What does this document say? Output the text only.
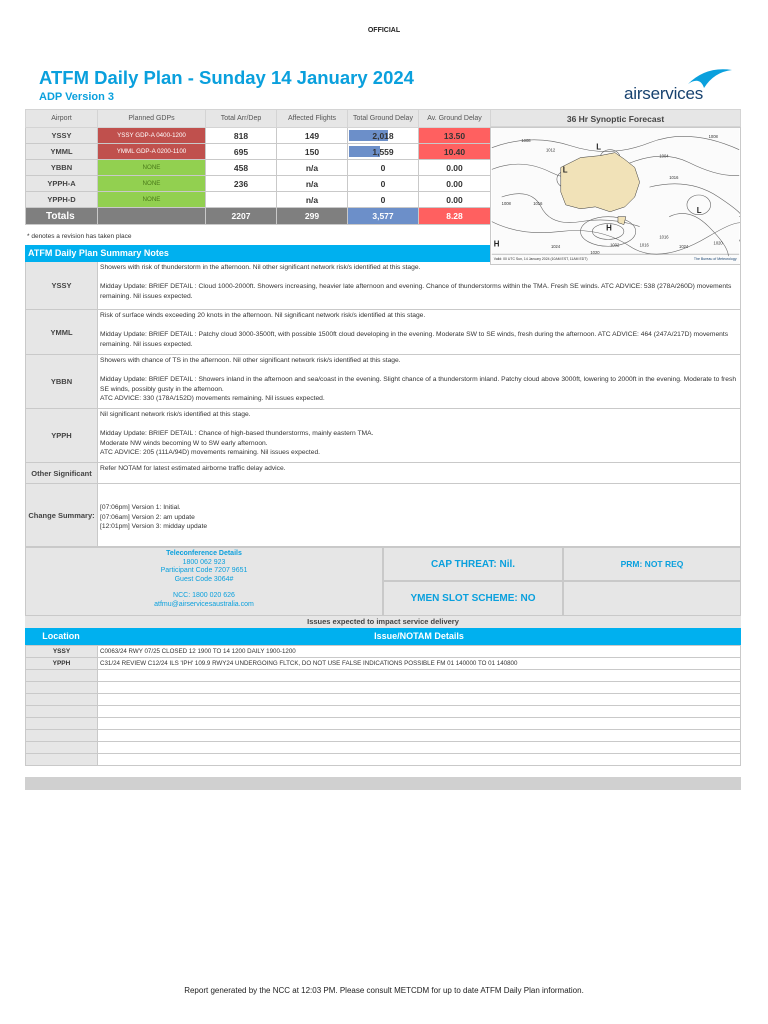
OFFICIAL
ATFM Daily Plan - Sunday 14 January 2024
ADP Version 3	airservices
Airport	Planned GDPs	Total Arr/Dep	Affected Flights	Total Ground Delay	Av. Ground Delay
YSSY	YSSY GDP-A 0400-1200	818	149	2,018	13.50
YMML	YMML GDP-A 0200-1100	695	150	1,559	10.40
YBBN	NONE	458	n/a	0	0.00
YPPH-A	NONE	236	n/a	0	0.00
YPPH-D	NONE		n/a	0	0.00
Totals		2207	299	3,577	8.28
36 Hr Synoptic Forecast
L
L
H
L
H
1008
1012
1004
1008
1008	1016
1016
1032
1024
1020
1016
1016
1024
1020
Valid: 00 UTC Sun, 14 January 2024 (10AM EST, 11AM EDT)	The Bureau of Meteorology
* denotes a revision has taken place
ATFM Daily Plan Summary Notes
YSSY

Showers with risk of thunderstorm in the afternoon. Nil other significant network risk/s identified at this stage.

Midday Update: BRIEF DETAIL : Cloud 1000-2000ft. Showers increasing, heavier late afternoon and evening. Chance of thunderstorms within the TMA. Fresh SE winds. ATC ADVICE: 538 (278A/260D) movements remaining. Nil issues expected.

YMML

Risk of surface winds exceeding 20 knots in the afternoon. Nil significant network risk/s identified at this stage.

Midday Update: BRIEF DETAIL : Patchy cloud 3000-3500ft, with possible 1500ft cloud developing in the evening. Moderate SW to SE winds, fresh during the afternoon. ATC ADVICE: 464 (247A/217D) movements remaining. Nil issues expected.

YBBN

Showers with chance of TS in the afternoon. Nil other significant network risk/s identified at this stage.

Midday Update: BRIEF DETAIL : Showers inland in the afternoon and sea/coast in the evening. Slight chance of a thunderstorm inland. Patchy cloud above 3000ft, lowering to 2000ft in the evening. Moderate to fresh SE winds, possibly gusty in the afternoon.
ATC ADVICE: 330 (178A/152D) movements remaining. Nil issues expected.

YPPH

Nil significant network risk/s identified at this stage.

Midday Update: BRIEF DETAIL : Chance of high-based thunderstorms, mainly eastern TMA.
Moderate NW winds becoming W to SW early afternoon.
ATC ADVICE: 205 (111A/94D) movements remaining. Nil issues expected.

Other Significant	Refer NOTAM for latest estimated airborne traffic delay advice.

Change Summary:

[07:06pm] Version 1: Initial.
[07:06am] Version 2: am update
[12:01pm] Version 3: midday update

Teleconference Details
1800 062 923
Participant Code 7207 9651
Guest Code 3064#
NCC: 1800 020 626
atfmu@airservicesaustralia.com
CAP THREAT: Nil.	PRM: NOT REQ
YMEN SLOT SCHEME: NO
Issues expected to impact service delivery
Location	Issue/NOTAM Details
YSSY	C0063/24 RWY 07/25 CLOSED 12 1900 TO 14 1200 DAILY 1900-1200
YPPH	C31/24 REVIEW C12/24 ILS 'IPH' 109.9 RWY24 UNDERGOING FLTCK, DO NOT USE FALSE INDICATIONS POSSIBLE FM 01 140000 TO 01 140800

Report generated by the NCC at 12:03 PM. Please consult METCDM for up to date ATFM Daily Plan information.
